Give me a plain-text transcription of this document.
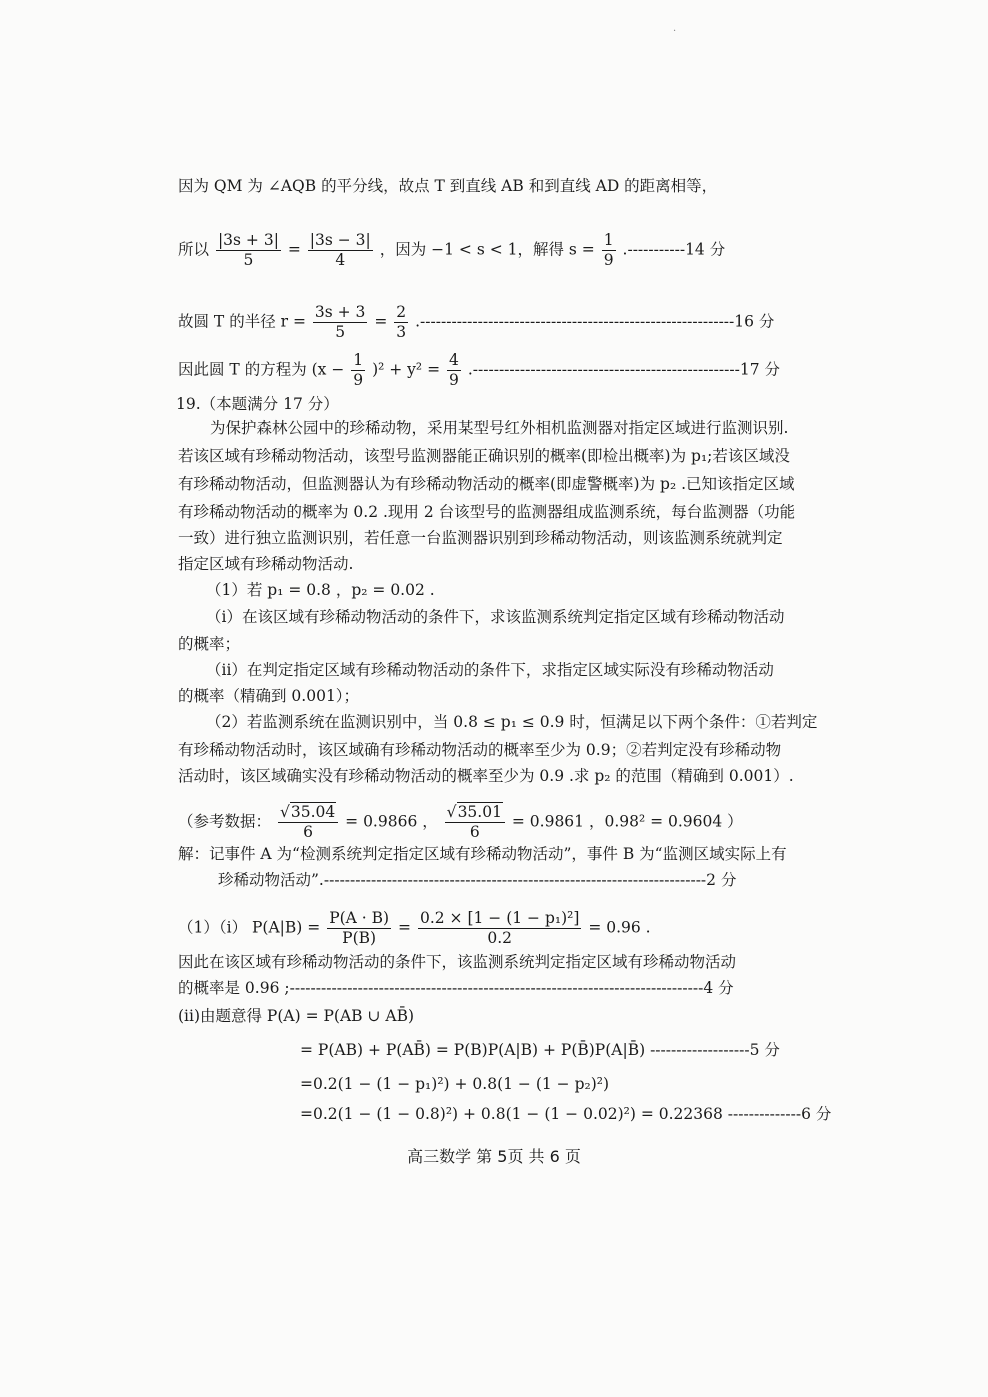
·
因为 QM 为 ∠AQB 的平分线，故点 T 到直线 AB 和到直线 AD 的距离相等，
所以 $\frac{|3s + 3|}{5} = \frac{|3s - 3|}{4}$ ，因为 −1 < s < 1，解得 $s = \frac{1}{9} .-----------14$ 分
故圆 T 的半径 $r = \frac{3s + 3}{5} = \frac{2}{3} .------------------------------------------------------------16$ 分
因此圆 T 的方程为 $(x - \frac{1}{9} )^2 + y^2 = \frac{4}{9} .---------------------------------------------------17$ 分
19.（本题满分 17 分）
为保护森林公园中的珍稀动物，采用某型号红外相机监测器对指定区域进行监测识别.
若该区域有珍稀动物活动，该型号监测器能正确识别的概率(即检出概率)为 p₁;若该区域没
有珍稀动物活动，但监测器认为有珍稀动物活动的概率(即虚警概率)为 p₂ .已知该指定区域
有珍稀动物活动的概率为 0.2 .现用 2 台该型号的监测器组成监测系统，每台监测器（功能
一致）进行独立监测识别，若任意一台监测器识别到珍稀动物活动，则该监测系统就判定
指定区域有珍稀动物活动.
（1）若 p₁ = 0.8 ，p₂ = 0.02 .
（i）在该区域有珍稀动物活动的条件下，求该监测系统判定指定区域有珍稀动物活动
的概率；
（ii）在判定指定区域有珍稀动物活动的条件下，求指定区域实际没有珍稀动物活动
的概率（精确到 0.001）；
（2）若监测系统在监测识别中，当 0.8 ≤ p₁ ≤ 0.9 时，恒满足以下两个条件：①若判定
有珍稀动物活动时，该区域确有珍稀动物活动的概率至少为 0.9；②若判定没有珍稀动物
活动时，该区域确实没有珍稀动物活动的概率至少为 0.9 .求 p₂ 的范围（精确到 0.001）.
（参考数据： $\frac{√35.04}{6} = 0.9866$ ， $\frac{√35.01}{6} = 0.9861$ ，0.98² = 0.9604 ）
解：记事件 A 为“检测系统判定指定区域有珍稀动物活动”，事件 B 为“监测区域实际上有
珍稀动物活动”.-------------------------------------------------------------------------2 分
（1）（i） $P(A|B) = \frac{P(A \cdot B)}{P(B)} = \frac{\text{0.2 × [1 − (1 − p₁)²]}}{0.2} = 0.96$ .
因此在该区域有珍稀动物活动的条件下，该监测系统判定指定区域有珍稀动物活动
的概率是 0.96 ;-------------------------------------------------------------------------------4 分
(ii)由题意得 P(A) = P(AB ∪ AB̄)
= P(AB) + P(AB̄) = P(B)P(A|B) + P(B̄)P(A|B̄) -------------------5 分
=0.2(1 − (1 − p₁)²) + 0.8(1 − (1 − p₂)²)
=0.2(1 − (1 − 0.8)²) + 0.8(1 − (1 − 0.02)²) = 0.22368 --------------6 分
高三数学 第 5页 共 6 页
